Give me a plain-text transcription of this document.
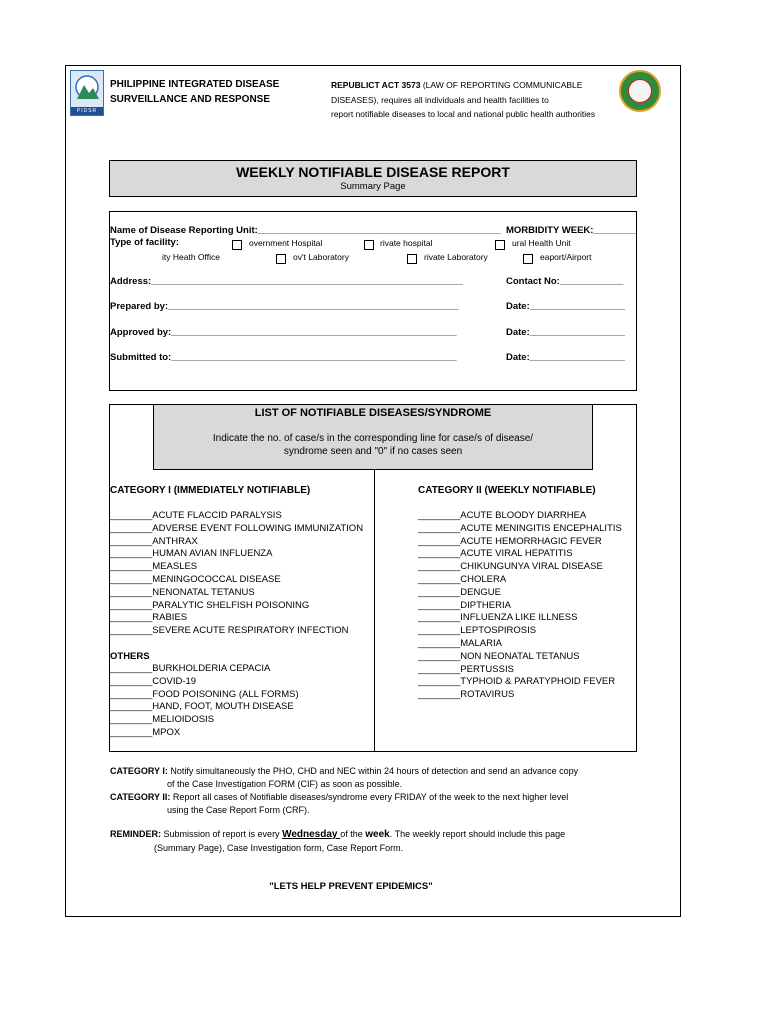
PIDSR
PHILIPPINE INTEGRATED DISEASE
SURVEILLANCE AND RESPONSE
REPUBLICT ACT 3573 (LAW OF REPORTING COMMUNICABLE
DISEASES), requires all individuals and health facilities to
report notifiable diseases to local and national public health authorities
WEEKLY NOTIFIABLE DISEASE REPORT
Summary Page
Name of Disease Reporting Unit:______________________________________________ MORBIDITY WEEK:________
Type of facility:	overnment Hospital	rivate hospital	ural Health Unit
ity Heath Office	ov't Laboratory	rivate Laboratory	eaport/Airport
Address:___________________________________________________________	Contact No:____________
Prepared by:_______________________________________________________	Date:__________________
Approved by:______________________________________________________	Date:__________________
Submitted to:______________________________________________________	Date:__________________
LIST OF NOTIFIABLE DISEASES/SYNDROME
Indicate the no. of case/s in the corresponding line for case/s of disease/
syndrome seen and "0" if no cases seen
CATEGORY I (IMMEDIATELY NOTIFIABLE)	CATEGORY II (WEEKLY NOTIFIABLE)
________ACUTE FLACCID PARALYSIS
________ADVERSE EVENT FOLLOWING IMMUNIZATION
________ANTHRAX
________HUMAN AVIAN INFLUENZA
________MEASLES
________MENINGOCOCCAL DISEASE
________NENONATAL TETANUS
________PARALYTIC SHELFISH POISONING
________RABIES
________SEVERE ACUTE RESPIRATORY INFECTION
OTHERS
________BURKHOLDERIA CEPACIA
________COVID-19
________FOOD POISONING (ALL FORMS)
________HAND, FOOT, MOUTH DISEASE
________MELIOIDOSIS
________MPOX
________ACUTE BLOODY DIARRHEA
________ACUTE MENINGITIS ENCEPHALITIS
________ACUTE HEMORRHAGIC FEVER
________ACUTE VIRAL HEPATITIS
________CHIKUNGUNYA VIRAL DISEASE
________CHOLERA
________DENGUE
________DIPTHERIA
________INFLUENZA LIKE ILLNESS
________LEPTOSPIROSIS
________MALARIA
________NON NEONATAL TETANUS
________PERTUSSIS
________TYPHOID & PARATYPHOID FEVER
________ROTAVIRUS
CATEGORY I: Notify simultaneously the PHO, CHD and NEC within 24 hours of detection and send an advance copy
of the Case Investigation FORM (CIF) as soon as possible.
CATEGORY II: Report all cases of Notifiable diseases/syndrome every FRIDAY of the week to the next higher level
using the Case Report Form (CRF).
REMINDER: Submission of report is every Wednesday of the week. The weekly report should include this page
(Summary Page), Case Investigation form, Case Report Form.
"LETS HELP PREVENT EPIDEMICS"
